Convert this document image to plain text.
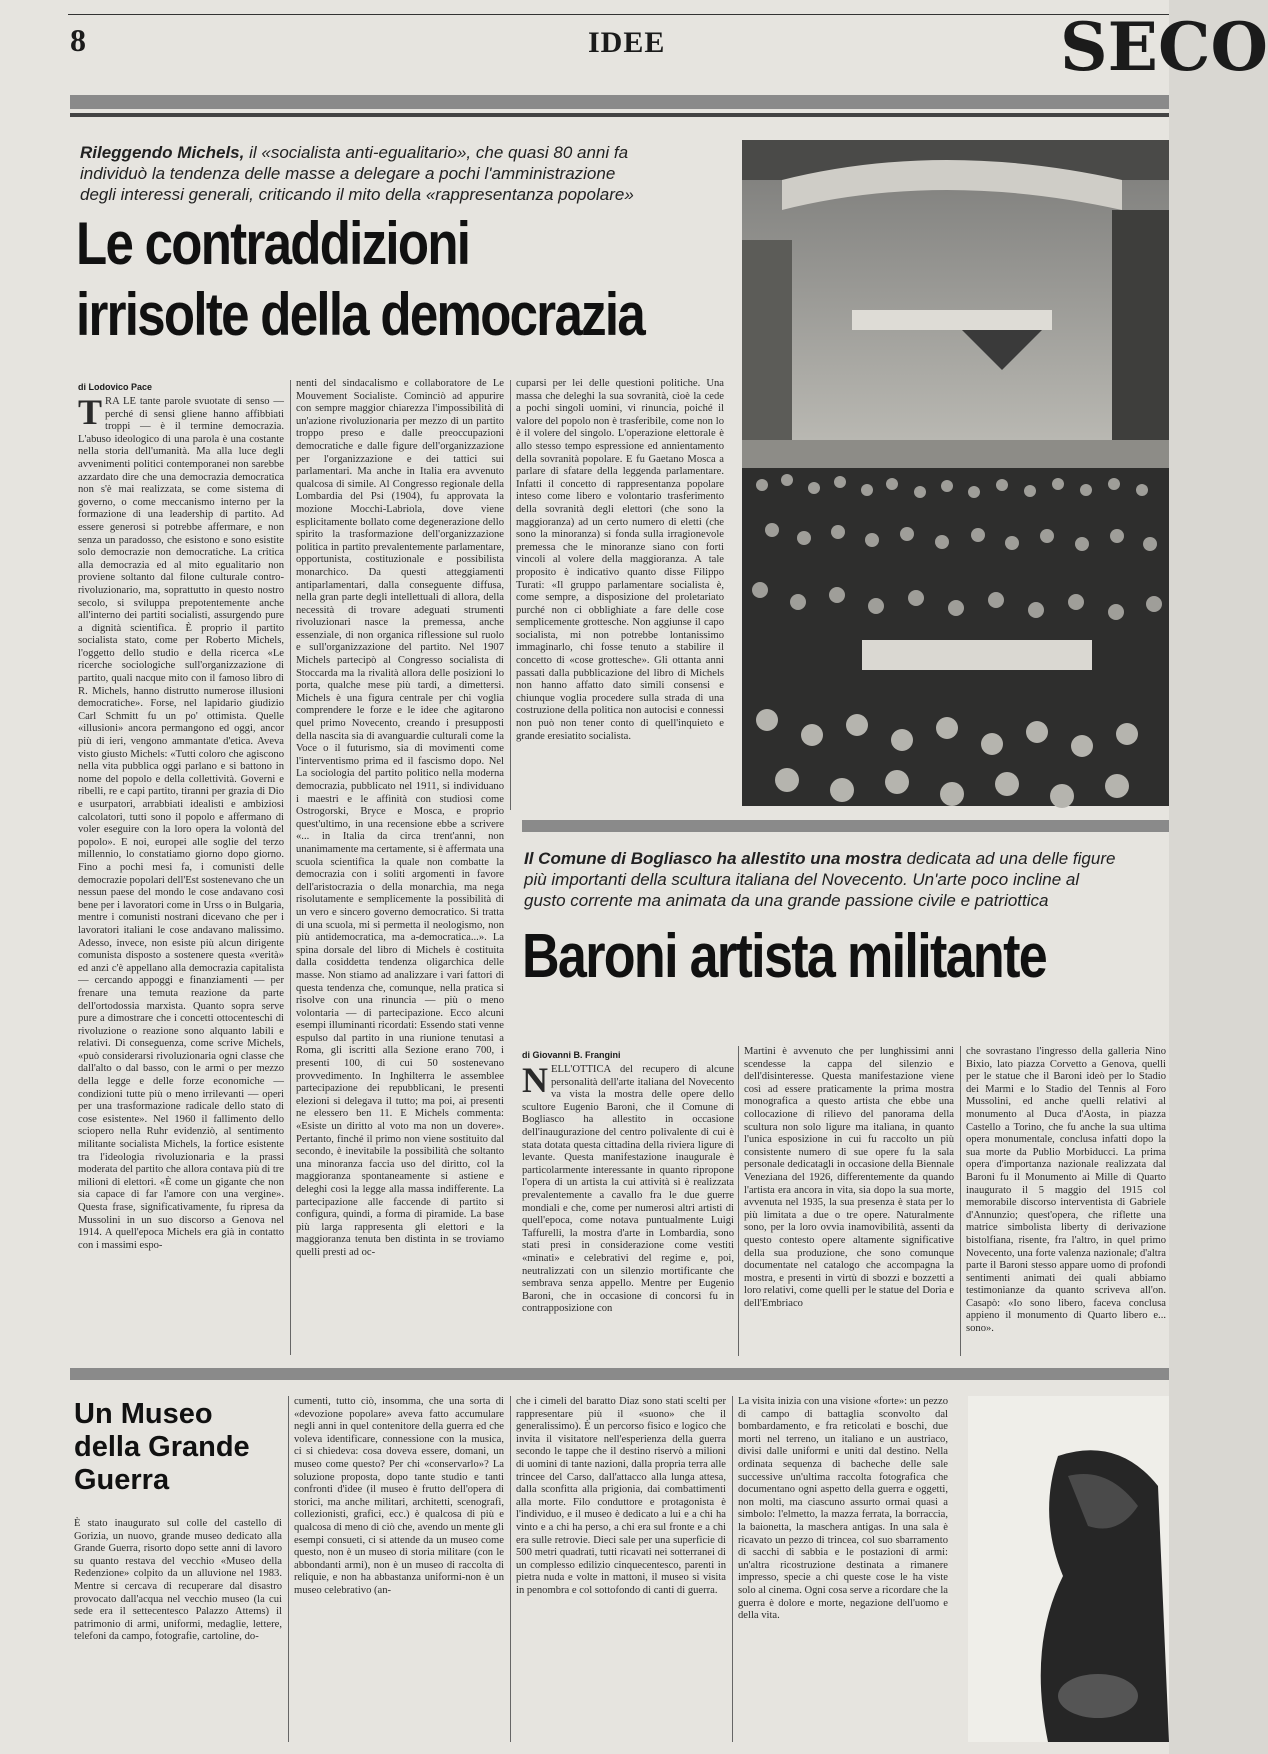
8	IDEE	SECO
Rileggendo Michels, il «socialista anti-egualitario», che quasi 80 anni fa individuò la tendenza delle masse a delegare a pochi l'amministrazione degli interessi generali, criticando il mito della «rappresentanza popolare»
Le contraddizioni
irrisolte della democrazia
di Lodovico Pace
TRA LE tante parole svuotate di senso — perché di sensi gliene hanno affibbiati troppi — è il termine democrazia. L'abuso ideologico di una parola è una costante nella storia dell'umanità. Ma alla luce degli avvenimenti politici contemporanei non sarebbe azzardato dire che una democrazia democratica non s'è mai realizzata, se come sistema di governo, o come meccanismo interno per la formazione di una leadership di partito. Ad essere generosi si potrebbe affermare, e non senza un paradosso, che esistono e sono esistite solo democrazie non democratiche. La critica alla democrazia ed al mito egualitario non proviene soltanto dal filone culturale contro-rivoluzionario, ma, soprattutto in questo nostro secolo, si sviluppa prepotentemente anche all'interno dei partiti socialisti, assurgendo pure a dignità scientifica. È proprio il partito socialista stato, come per Roberto Michels, l'oggetto dello studio e della ricerca «Le ricerche sociologiche sull'organizzazione di partito, quali nacque mito con il famoso libro di R. Michels, hanno distrutto numerose illusioni democratiche». Forse, nel lapidario giudizio Carl Schmitt fu un po' ottimista. Quelle «illusioni» ancora permangono ed oggi, ancor più di ieri, vengono ammantate d'etica. Aveva visto giusto Michels: «Tutti coloro che agiscono nella vita pubblica oggi parlano e si battono in nome del popolo e della collettività. Governi e ribelli, re e capi partito, tiranni per grazia di Dio e usurpatori, arrabbiati idealisti e ambiziosi calcolatori, tutti sono il popolo e affermano di voler eseguire con la loro opera la volontà del popolo». E noi, europei alle soglie del terzo millennio, lo constatiamo giorno dopo giorno. Fino a pochi mesi fa, i comunisti delle democrazie popolari dell'Est sostenevano che un nessun paese del mondo le cose andavano così bene per i lavoratori come in Urss o in Bulgaria, mentre i comunisti nostrani dicevano che per i lavoratori italiani le cose andavano malissimo. Adesso, invece, non esiste più alcun dirigente comunista disposto a sostenere questa «verità» ed anzi c'è appellano alla democrazia capitalista — cercando appoggi e finanziamenti — per frenare una temuta reazione da parte dell'ortodossia marxista. Quanto sopra serve pure a dimostrare che i concetti ottocenteschi di rivoluzione o reazione sono alquanto labili e relativi. Di conseguenza, come scrive Michels, «può considerarsi rivoluzionaria ogni classe che dall'alto o dal basso, con le armi o per mezzo della legge e delle forze economiche — condizioni tutte più o meno irrilevanti — operi per una trasformazione radicale dello stato di cose esistente». Nel 1960 il fallimento dello sciopero nella Ruhr evidenziò, al sentimento militante socialista Michels, la fortìce esistente tra l'ideologia rivoluzionaria e la prassi moderata del partito che allora contava più di tre milioni di elettori. «È come un gigante che non sia capace di far l'amore con una vergine». Questa frase, significativamente, fu ripresa da Mussolini in un suo discorso a Genova nel 1914. A quell'epoca Michels era già in contatto con i massimi espo-
nenti del sindacalismo e collaboratore de Le Mouvement Socialiste. Cominciò ad appurire con sempre maggior chiarezza l'impossibilità di un'azione rivoluzionaria per mezzo di un partito troppo preso e dalle preoccupazioni democratiche e dalle figure dell'organizzazione per l'organizzazione e dei tattici sui parlamentari. Ma anche in Italia era avvenuto qualcosa di simile. Al Congresso regionale della Lombardia del Psi (1904), fu approvata la mozione Mocchi-Labriola, dove viene esplicitamente bollato come degenerazione dello spirito la trasformazione dell'organizzazione politica in partito prevalentemente parlamentare, opportunista, costituzionale e possibilista monarchico. Da questi atteggiamenti antiparlamentari, dalla conseguente diffusa, nella gran parte degli intellettuali di allora, della necessità di trovare adeguati strumenti rivoluzionari nasce la premessa, anche essenziale, di non organica riflessione sul ruolo e sull'organizzazione del partito. Nel 1907 Michels partecipò al Congresso socialista di Stoccarda ma la rivalità allora delle posizioni lo porta, qualche mese più tardi, a dimettersi. Michels è una figura centrale per chi voglia comprendere le forze e le idee che agitarono quel primo Novecento, creando i presupposti della nascita sia di avanguardie culturali come la Voce o il futurismo, sia di movimenti come l'interventismo prima ed il fascismo dopo. Nel La sociologia del partito politico nella moderna democrazia, pubblicato nel 1911, si individuano i maestri e le affinità con studiosi come Ostrogorski, Bryce e Mosca, e proprio quest'ultimo, in una recensione ebbe a scrivere «... in Italia da circa trent'anni, non unanimamente ma certamente, si è affermata una scuola scientifica la quale non combatte la democrazia con i soliti argomenti in favore dell'aristocrazia o della monarchia, ma nega risolutamente e semplicemente la possibilità di un vero e sincero governo democratico. Si tratta di una scuola, mi si permetta il neologismo, non più antidemocratica, ma a-democratica...». La spina dorsale del libro di Michels è costituita dalla cosiddetta tendenza oligarchica delle masse. Non stiamo ad analizzare i vari fattori di questa tendenza che, comunque, nella pratica si risolve con una rinuncia — più o meno volontaria — di partecipazione. Ecco alcuni esempi illuminanti ricordati: Essendo stati venne espulso dal partito in una riunione tenutasi a Roma, gli iscritti alla Sezione erano 700, i presenti 100, di cui 50 sostenevano provvedimento. In Inghilterra le assemblee partecipazione dei repubblicani, le presenti elezioni si delegava il tutto; ma poi, ai presenti ne elessero ben 11. E Michels commenta: «Esiste un diritto al voto ma non un dovere». Pertanto, finché il primo non viene sostituito dal secondo, è inevitabile la possibilità che soltanto una minoranza faccia uso del diritto, col la maggioranza spontaneamente si astiene e deleghi così la legge alla massa indifferente. La partecipazione alle faccende di partito si configura, quindi, a forma di piramide. La base più larga rappresenta gli elettori e la maggioranza tenuta ben distinta in se troviamo quelli presti ad oc-
cuparsi per lei delle questioni politiche. Una massa che deleghi la sua sovranità, cioè la cede a pochi singoli uomini, vi rinuncia, poiché il valore del popolo non è trasferibile, come non lo è il volere del singolo. L'operazione elettorale è allo stesso tempo espressione ed annientamento della sovranità popolare. E fu Gaetano Mosca a parlare di sfatare della leggenda parlamentare. Infatti il concetto di rappresentanza popolare inteso come libero e volontario trasferimento della sovranità degli elettori (che sono la maggioranza) ad un certo numero di eletti (che sono la minoranza) si fonda sulla irragionevole premessa che le minoranze siano con forti vincoli al volere della maggioranza. A tale proposito è indicativo quanto disse Filippo Turati: «Il gruppo parlamentare socialista è, come sempre, a disposizione del proletariato purché non ci obblighiate a fare delle cose semplicemente grottesche. Non aggiunse il capo socialista, mi non potrebbe lontanissimo immaginarlo, chi fosse tenuto a stabilire il concetto di «cose grottesche». Gli ottanta anni passati dalla pubblicazione del libro di Michels non hanno affatto dato simili consensi e chiunque voglia procedere sulla strada di una costruzione della politica non autocisi e connessi non può non tener conto di quell'inquieto e grande eresiatito socialista.
Il Comune di Bogliasco ha allestito una mostra dedicata ad una delle figure più importanti della scultura italiana del Novecento. Un'arte poco incline al gusto corrente ma animata da una grande passione civile e patriottica
Baroni artista militante
di Giovanni B. Frangini
NELL'OTTICA del recupero di alcune personalità dell'arte italiana del Novecento va vista la mostra delle opere dello scultore Eugenio Baroni, che il Comune di Bogliasco ha allestito in occasione dell'inaugurazione del centro polivalente di cui è stata dotata questa cittadina della riviera ligure di levante. Questa manifestazione inaugurale è particolarmente interessante in quanto ripropone l'opera di un artista la cui attività si è realizzata prevalentemente a cavallo fra le due guerre mondiali e che, come per numerosi altri artisti di quell'epoca, come notava puntualmente Luigi Taffurelli, la mostra d'arte in Lombardia, sono stati presi in considerazione come vestiti «minati» e celebrativi del regime e, poi, neutralizzati con un silenzio mortificante che sembrava senza appello. Mentre per Eugenio Baroni, che in occasione di concorsi fu in contrapposizione con
Martini è avvenuto che per lunghissimi anni scendesse la cappa del silenzio e dell'disinteresse. Questa manifestazione viene così ad essere praticamente la prima mostra monografica a questo artista che ebbe una collocazione di rilievo del panorama della scultura non solo ligure ma italiana, in quanto l'unica esposizione in cui fu raccolto un più consistente numero di sue opere fu la sala personale dedicatagli in occasione della Biennale Veneziana del 1926, differentemente da quando l'artista era ancora in vita, sia dopo la sua morte, avvenuta nel 1935, la sua presenza è stata per lo più limitata a due o tre opere. Naturalmente sono, per la loro ovvia inamovibilità, assenti da questo contesto opere altamente significative della sua produzione, che sono comunque documentate nel catalogo che accompagna la mostra, e presenti in virtù di sbozzi e bozzetti a loro relativi, come quelli per le statue del Doria e dell'Embriaco
che sovrastano l'ingresso della galleria Nino Bixio, lato piazza Corvetto a Genova, quelli per le statue che il Baroni ideò per lo Stadio dei Marmi e lo Stadio del Tennis al Foro Mussolini, ed anche quelli relativi al monumento al Duca d'Aosta, in piazza Castello a Torino, che fu anche la sua ultima opera monumentale, conclusa infatti dopo la sua morte da Publio Morbiducci. La prima opera d'importanza nazionale realizzata dal Baroni fu il Monumento ai Mille di Quarto inaugurato il 5 maggio del 1915 col memorabile discorso interventista di Gabriele d'Annunzio; quest'opera, che riflette una matrice simbolista liberty di derivazione bistolfiana, risente, fra l'altro, in quel primo Novecento, una forte valenza nazionale; d'altra parte il Baroni stesso appare uomo di profondi sentimenti animati dei quali abbiamo testimonianze da quanto scriveva all'on. Casapò: «Io sono libero, faceva conclusa appieno il monumento di Quarto libero e... sono».
Un Museo della Grande Guerra
È stato inaugurato sul colle del castello di Gorizia, un nuovo, grande museo dedicato alla Grande Guerra, risorto dopo sette anni di lavoro su quanto restava del vecchio «Museo della Redenzione» colpito da un alluvione nel 1983. Mentre si cercava di recuperare dal disastro provocato dall'acqua nel vecchio museo (la cui sede era il settecentesco Palazzo Attems) il patrimonio di armi, uniformi, medaglie, lettere, telefoni da campo, fotografie, cartoline, do-
cumenti, tutto ciò, insomma, che una sorta di «devozione popolare» aveva fatto accumulare negli anni in quel contenitore della guerra ed che voleva identificare, connessione con la musica, ci si chiedeva: cosa doveva essere, domani, un museo come questo? Per chi «conservarlo»? La soluzione proposta, dopo tante studio e tanti confronti d'idee (il museo è frutto dell'opera di storici, ma anche militari, architetti, scenografi, collezionisti, grafici, ecc.) è qualcosa di più e qualcosa di meno di ciò che, avendo un mente gli esempi consueti, ci si attende da un museo come questo, non è un museo di storia militare (con le abbondanti armi), non è un museo di raccolta di reliquie, e non ha abbastanza uniformi-non è un museo celebrativo (an-
che i cimeli del baratto Diaz sono stati scelti per rappresentare più il «suono» che il generalissimo). È un percorso fisico e logico che invita il visitatore nell'esperienza della guerra secondo le tappe che il destino riservò a milioni di uomini di tante nazioni, dalla propria terra alle trincee del Carso, dall'attacco alla lunga attesa, dalla sconfitta alla prigionia, dai combattimenti alla morte. Filo conduttore e protagonista è l'individuo, e il museo è dedicato a lui e a chi ha vinto e a chi ha perso, a chi era sul fronte e a chi era sulle retrovie. Dieci sale per una superficie di 500 metri quadrati, tutti ricavati nei sotterranei di un complesso edilizio cinquecentesco, parenti in pietra nuda e volte in mattoni, il museo si visita in penombra e col sottofondo di canti di guerra.
La visita inizia con una visione «forte»: un pezzo di campo di battaglia sconvolto dal bombardamento, e fra reticolati e boschi, due morti nel terreno, un italiano e un austriaco, divisi dalle uniformi e uniti dal destino. Nella ordinata sequenza di bacheche delle sale successive un'ultima raccolta fotografica che documentano ogni aspetto della guerra e oggetti, non molti, ma ciascuno assurto ormai quasi a simbolo: l'elmetto, la mazza ferrata, la borraccia, la baionetta, la maschera antigas. In una sala è ricavato un pezzo di trincea, col suo sbarramento di sacchi di sabbia e le postazioni di armi: un'altra ricostruzione destinata a rimanere impresso, specie a chi queste cose le ha viste solo al cinema. Ogni cosa serve a ricordare che la guerra è dolore e morte, negazione dell'uomo e della vita.
